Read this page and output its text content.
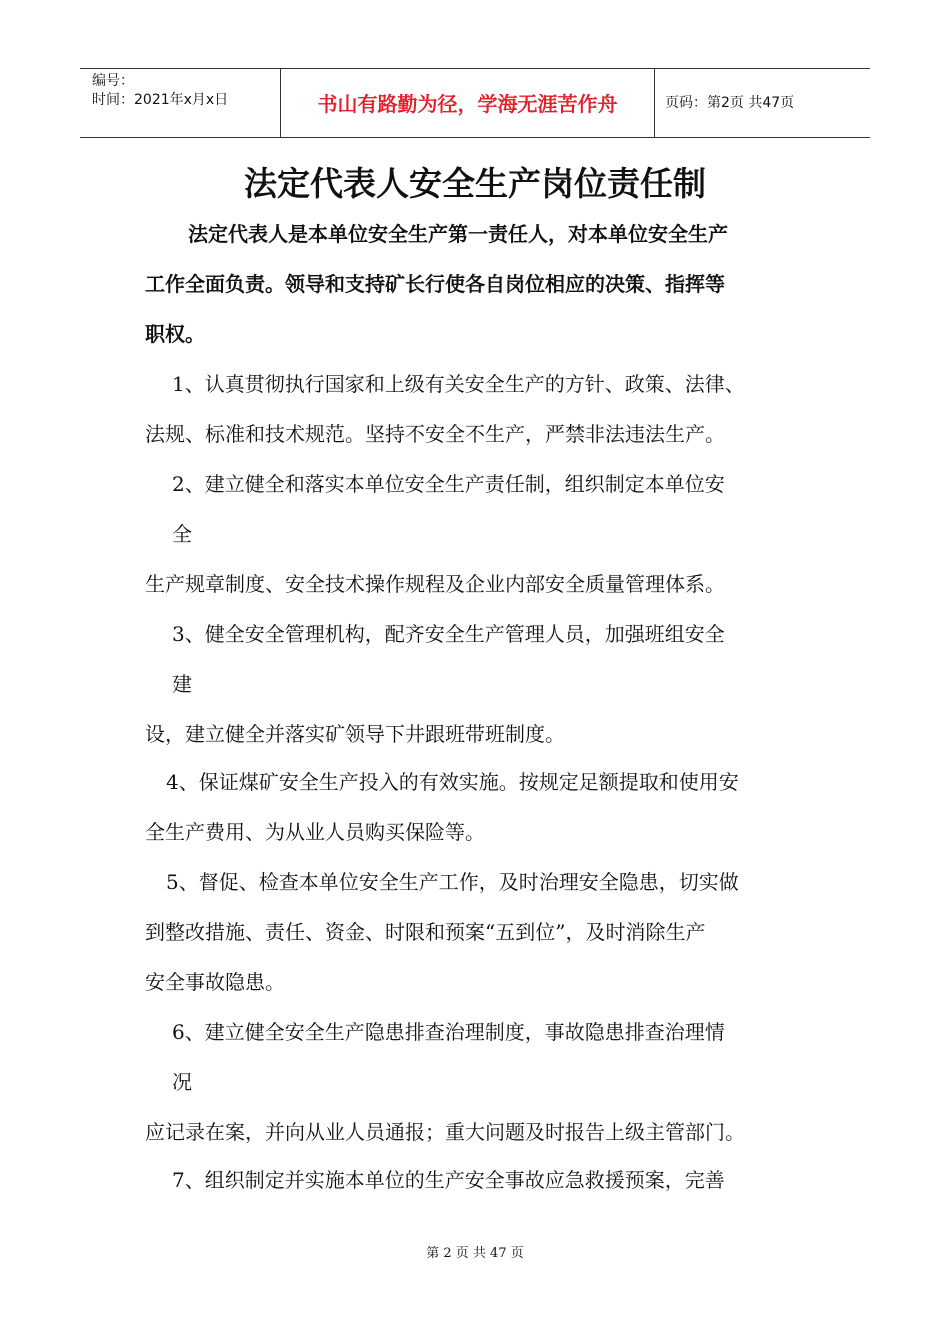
编号：
时间：2021年x月x日	书山有路勤为径，学海无涯苦作舟	页码：第2页 共47页
法定代表人安全生产岗位责任制
法定代表人是本单位安全生产第一责任人，对本单位安全生产
工作全面负责。领导和支持矿长行使各自岗位相应的决策、指挥等
职权。
1、认真贯彻执行国家和上级有关安全生产的方针、政策、法律、
法规、标准和技术规范。坚持不安全不生产，严禁非法违法生产。
2、建立健全和落实本单位安全生产责任制，组织制定本单位安
全
生产规章制度、安全技术操作规程及企业内部安全质量管理体系。
3、健全安全管理机构，配齐安全生产管理人员，加强班组安全
建
设，建立健全并落实矿领导下井跟班带班制度。
4、保证煤矿安全生产投入的有效实施。按规定足额提取和使用安
全生产费用、为从业人员购买保险等。
5、督促、检查本单位安全生产工作，及时治理安全隐患，切实做
到整改措施、责任、资金、时限和预案“五到位”，及时消除生产
安全事故隐患。
6、建立健全安全生产隐患排查治理制度，事故隐患排查治理情
况
应记录在案，并向从业人员通报；重大问题及时报告上级主管部门。
7、组织制定并实施本单位的生产安全事故应急救援预案，完善
第 2 页 共 47 页
